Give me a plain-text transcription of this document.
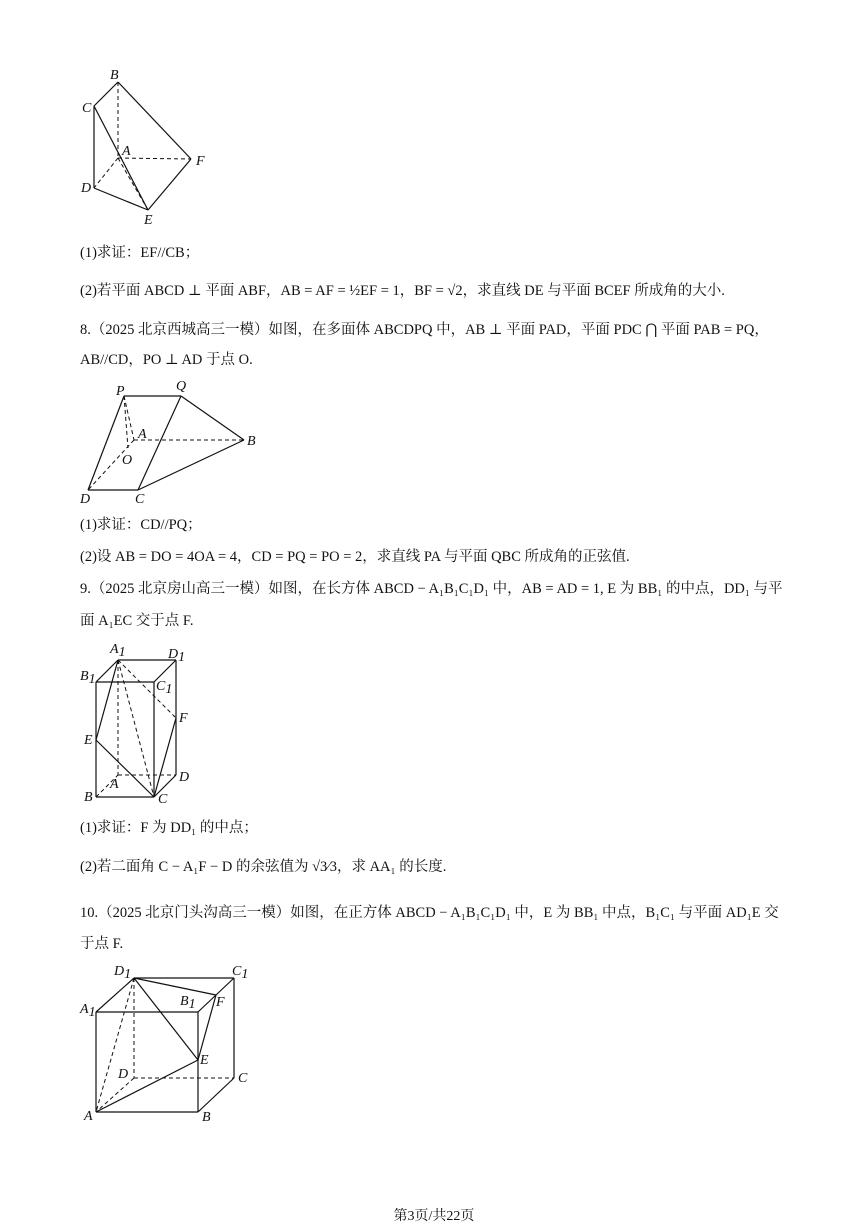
B
C
A
F
D
E
(1)求证：EF//CB；
(2)若平面 ABCD ⊥ 平面 ABF，AB = AF = ½EF = 1，BF = √2，求直线 DE 与平面 BCEF 所成角的大小.
8.（2025 北京西城高三一模）如图，在多面体 ABCDPQ 中，AB ⊥ 平面 PAD，平面 PDC ⋂ 平面 PAB = PQ，
AB//CD，PO ⊥ AD 于点 O.
P	Q
A
O
B
D	C
(1)求证：CD//PQ；
(2)设 AB = DO = 4OA = 4，CD = PQ = PO = 2，求直线 PA 与平面 QBC 所成角的正弦值.
9.（2025 北京房山高三一模）如图，在长方体 ABCD − A₁B₁C₁D₁ 中，AB = AD = 1, E 为 BB₁ 的中点，DD₁ 与平
面 A₁EC 交于点 F.
A1	D1
B1	C1
F
E
A	D
B	C
(1)求证：F 为 DD₁ 的中点；
(2)若二面角 C − A₁F − D 的余弦值为 √3⁄3，求 AA₁ 的长度.
10.（2025 北京门头沟高三一模）如图，在正方体 ABCD − A₁B₁C₁D₁ 中，E 为 BB₁ 中点，B₁C₁ 与平面 AD₁E 交
于点 F.
D1	C1
A1
B1 F
E
D	C
A	B
第3页/共22页
